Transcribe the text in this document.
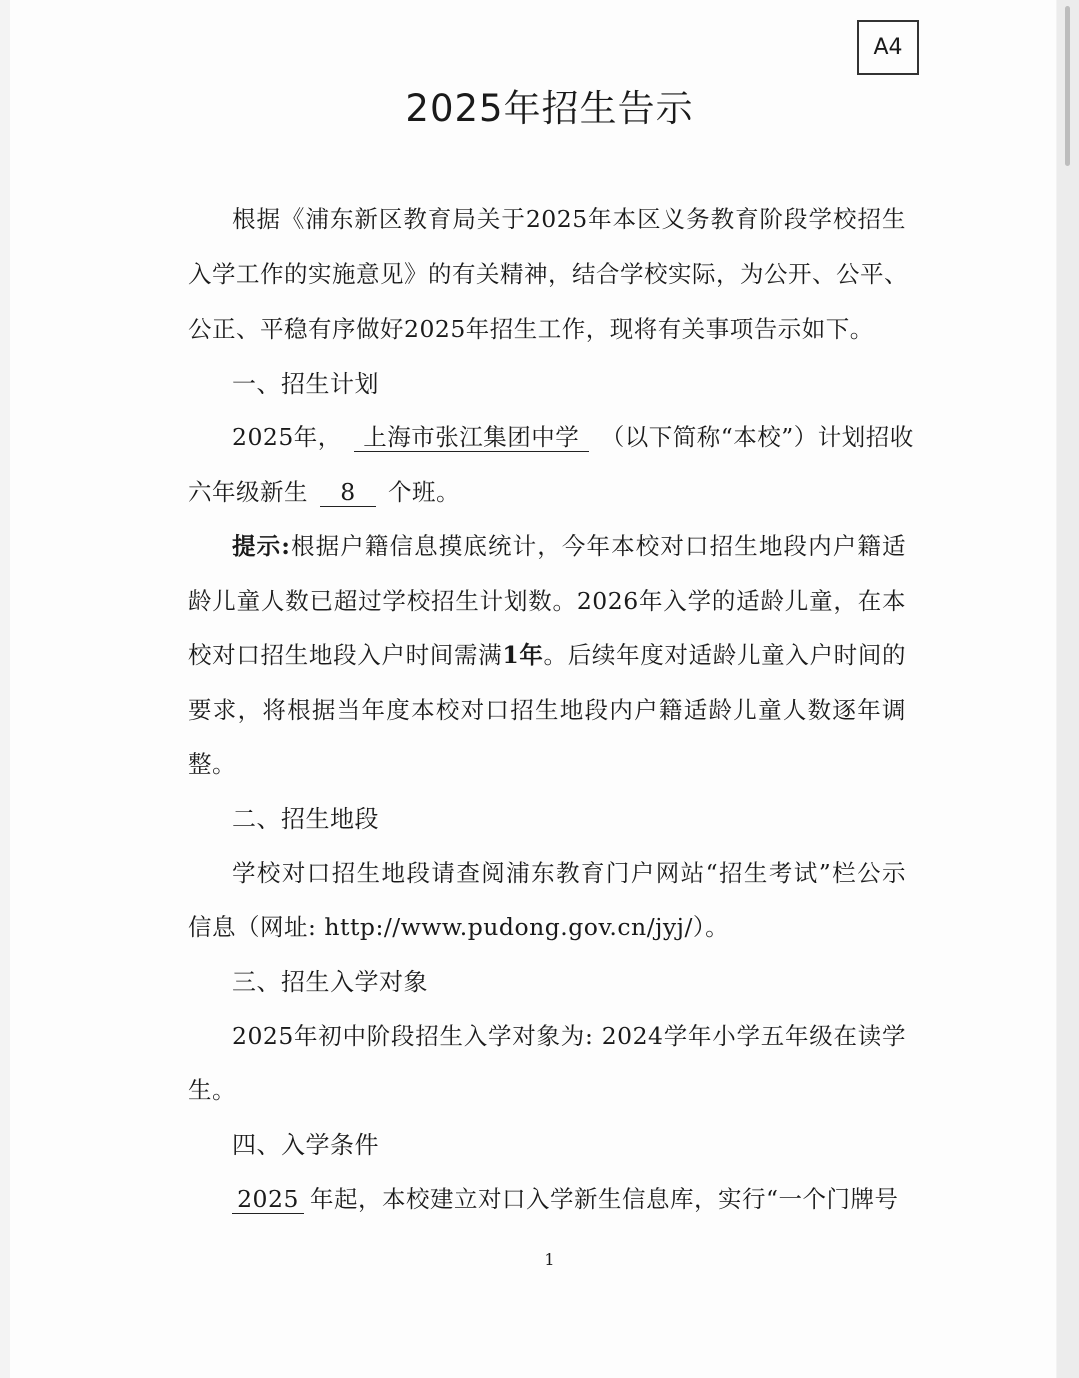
A4
2025年招生告示
根据《浦东新区教育局关于2025年本区义务教育阶段学校招生
入学工作的实施意见》的有关精神，结合学校实际，为公开、公平、
公正、平稳有序做好2025年招生工作，现将有关事项告示如下。
一、招生计划
2025年， 上海市张江集团中学 （以下简称“本校”）计划招收
六年级新生 8 个班。
提示:根据户籍信息摸底统计，今年本校对口招生地段内户籍适
龄儿童人数已超过学校招生计划数。2026年入学的适龄儿童，在本
校对口招生地段入户时间需满1年。后续年度对适龄儿童入户时间的
要求，将根据当年度本校对口招生地段内户籍适龄儿童人数逐年调
整。
二、招生地段
学校对口招生地段请查阅浦东教育门户网站“招生考试”栏公示
信息（网址: http://www.pudong.gov.cn/jyj/）。
三、招生入学对象
2025年初中阶段招生入学对象为: 2024学年小学五年级在读学
生。
四、入学条件
2025 年起，本校建立对口入学新生信息库，实行“一个门牌号
1
